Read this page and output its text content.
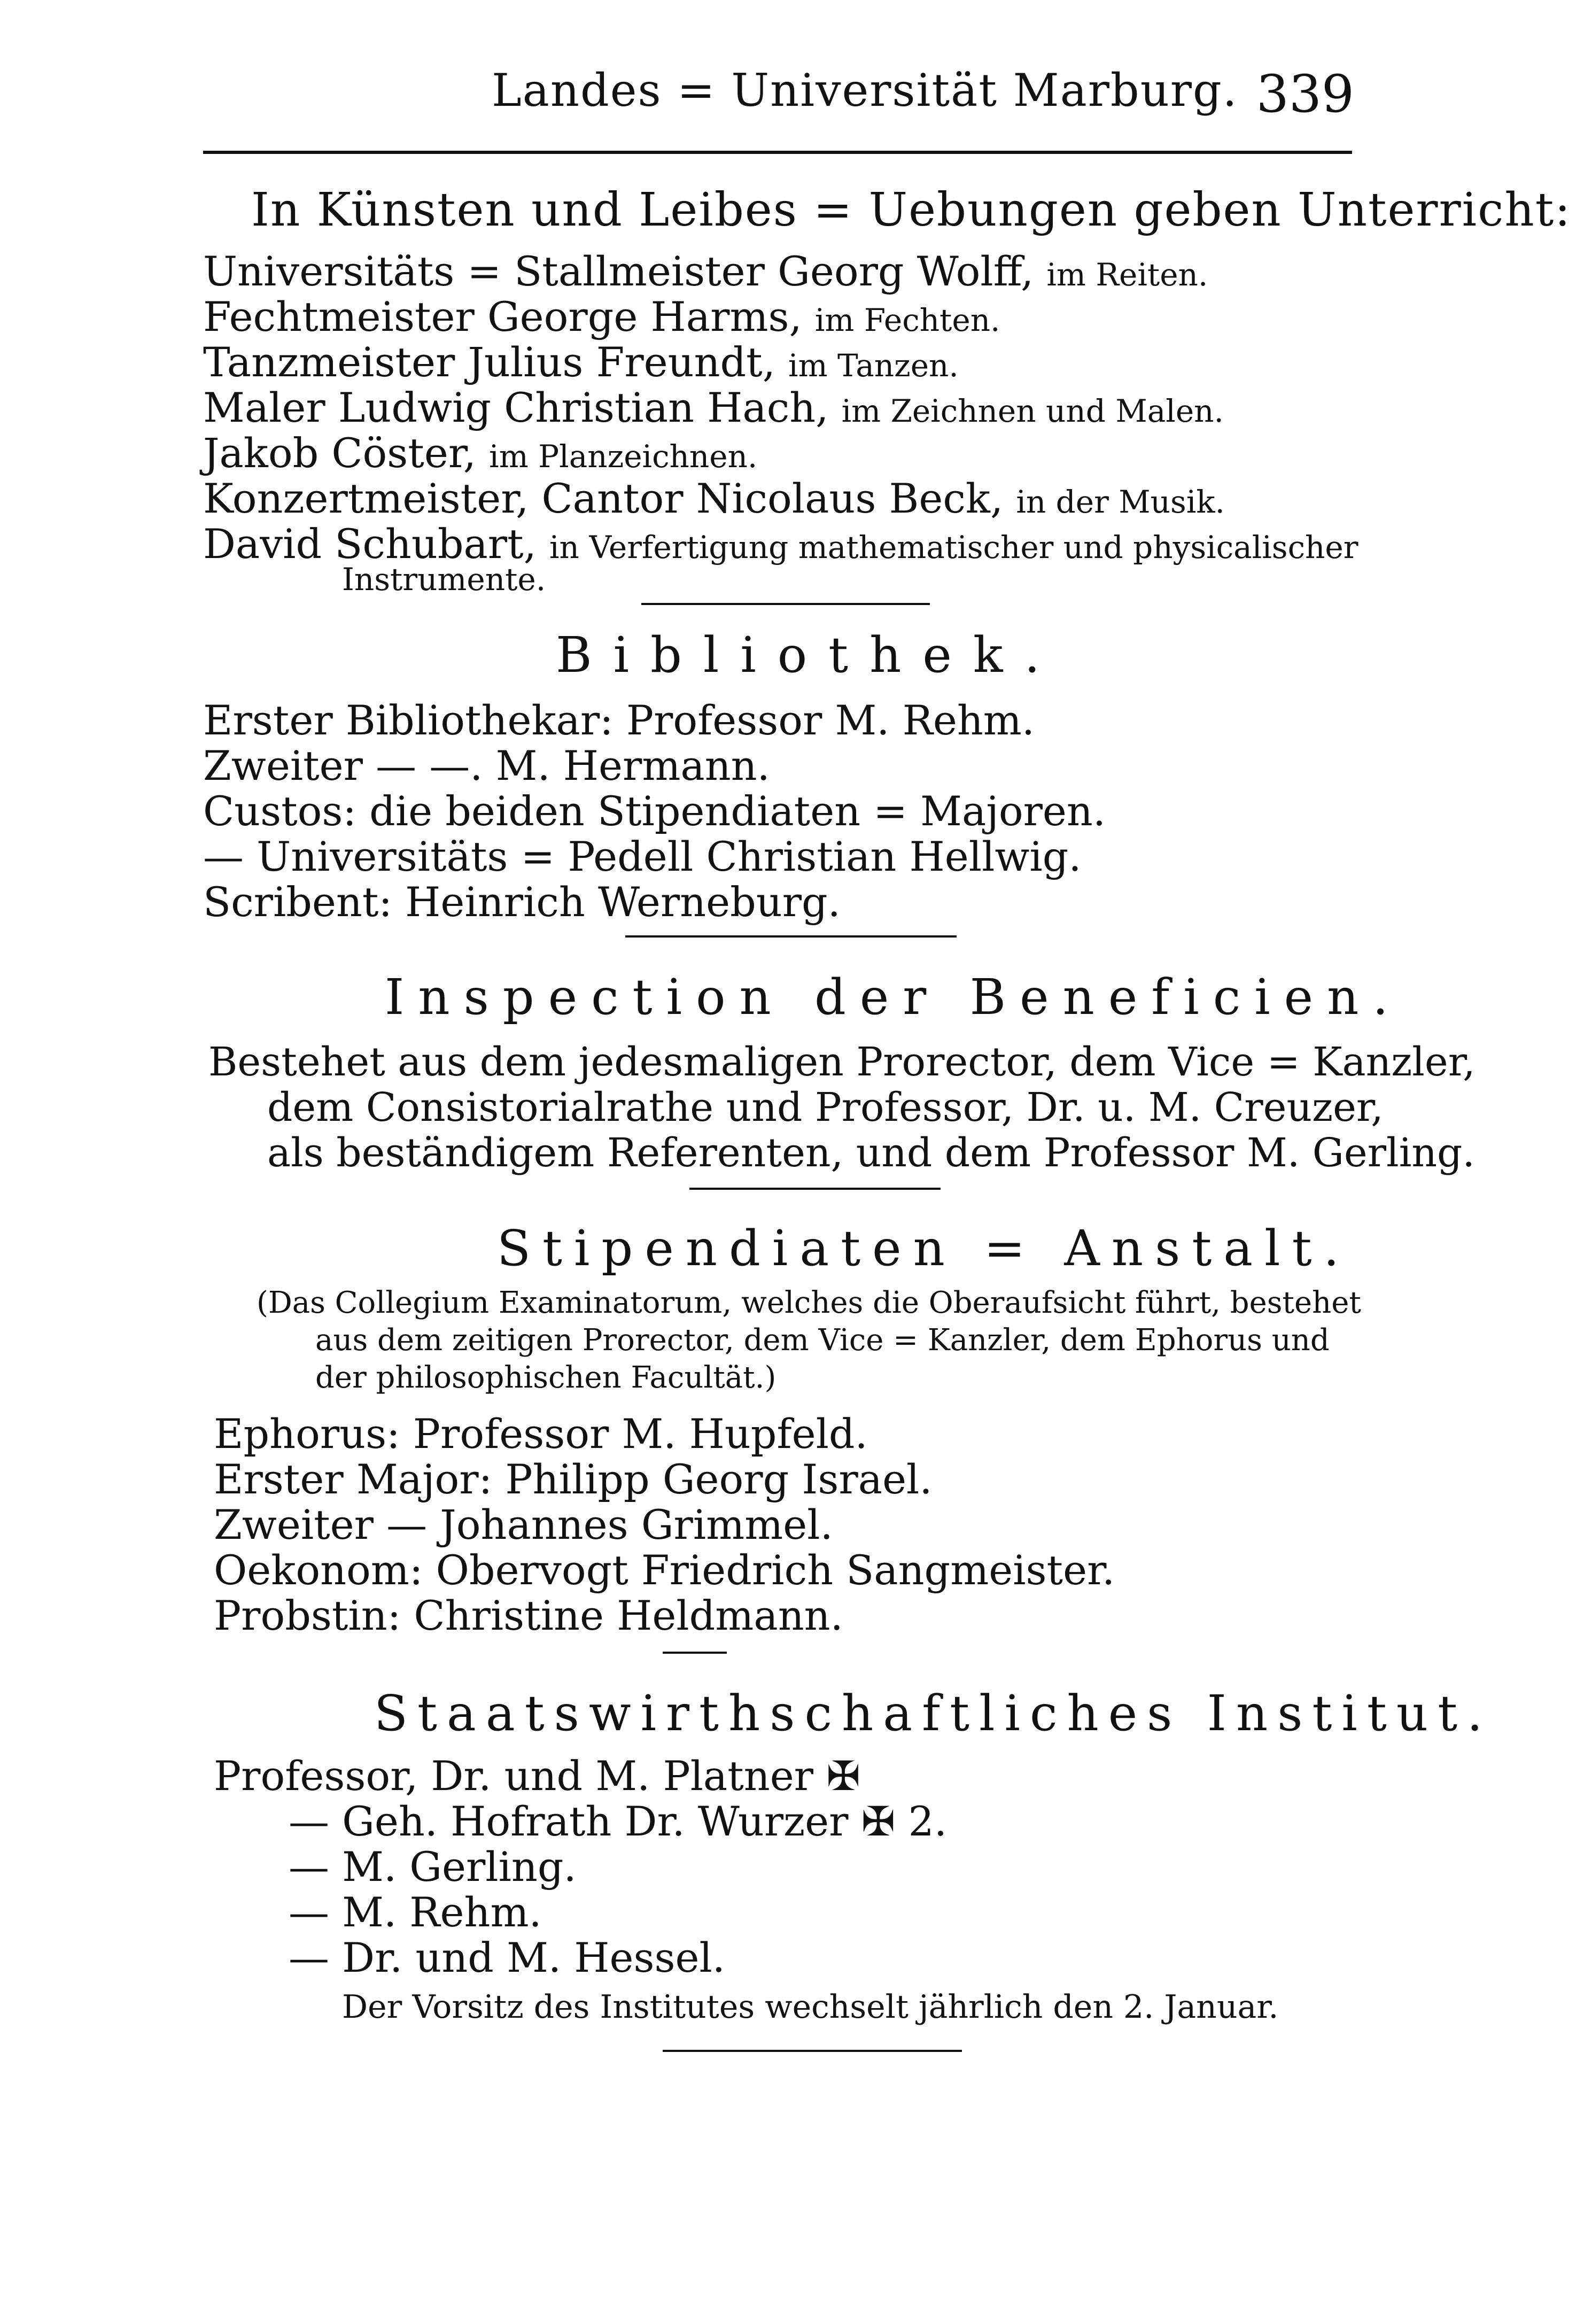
Landes = Universität Marburg. 339
In Künsten und Leibes = Uebungen geben Unterricht:
Universitäts = Stallmeister Georg Wolff, im Reiten.
Fechtmeister George Harms, im Fechten.
Tanzmeister Julius Freundt, im Tanzen.
Maler Ludwig Christian Hach, im Zeichnen und Malen.
Jakob Cöster, im Planzeichnen.
Konzertmeister, Cantor Nicolaus Beck, in der Musik.
David Schubart, in Verfertigung mathematischer und physicalischer
Instrumente.
Bibliothek.
Erster Bibliothekar: Professor M. Rehm.
Zweiter — —. M. Hermann.
Custos: die beiden Stipendiaten = Majoren.
— Universitäts = Pedell Christian Hellwig.
Scribent: Heinrich Werneburg.
Inspection der Beneficien.
Bestehet aus dem jedesmaligen Prorector, dem Vice = Kanzler,
dem Consistorialrathe und Professor, Dr. u. M. Creuzer,
als beständigem Referenten, und dem Professor M. Gerling.
Stipendiaten = Anstalt.
(Das Collegium Examinatorum, welches die Oberaufsicht führt, bestehet
aus dem zeitigen Prorector, dem Vice = Kanzler, dem Ephorus und
der philosophischen Facultät.)
Ephorus: Professor M. Hupfeld.
Erster Major: Philipp Georg Israel.
Zweiter — Johannes Grimmel.
Oekonom: Obervogt Friedrich Sangmeister.
Probstin: Christine Heldmann.
Staatswirthschaftliches Institut.
Professor, Dr. und M. Platner ✠
— Geh. Hofrath Dr. Wurzer ✠ 2.
— M. Gerling.
— M. Rehm.
— Dr. und M. Hessel.
Der Vorsitz des Institutes wechselt jährlich den 2. Januar.
